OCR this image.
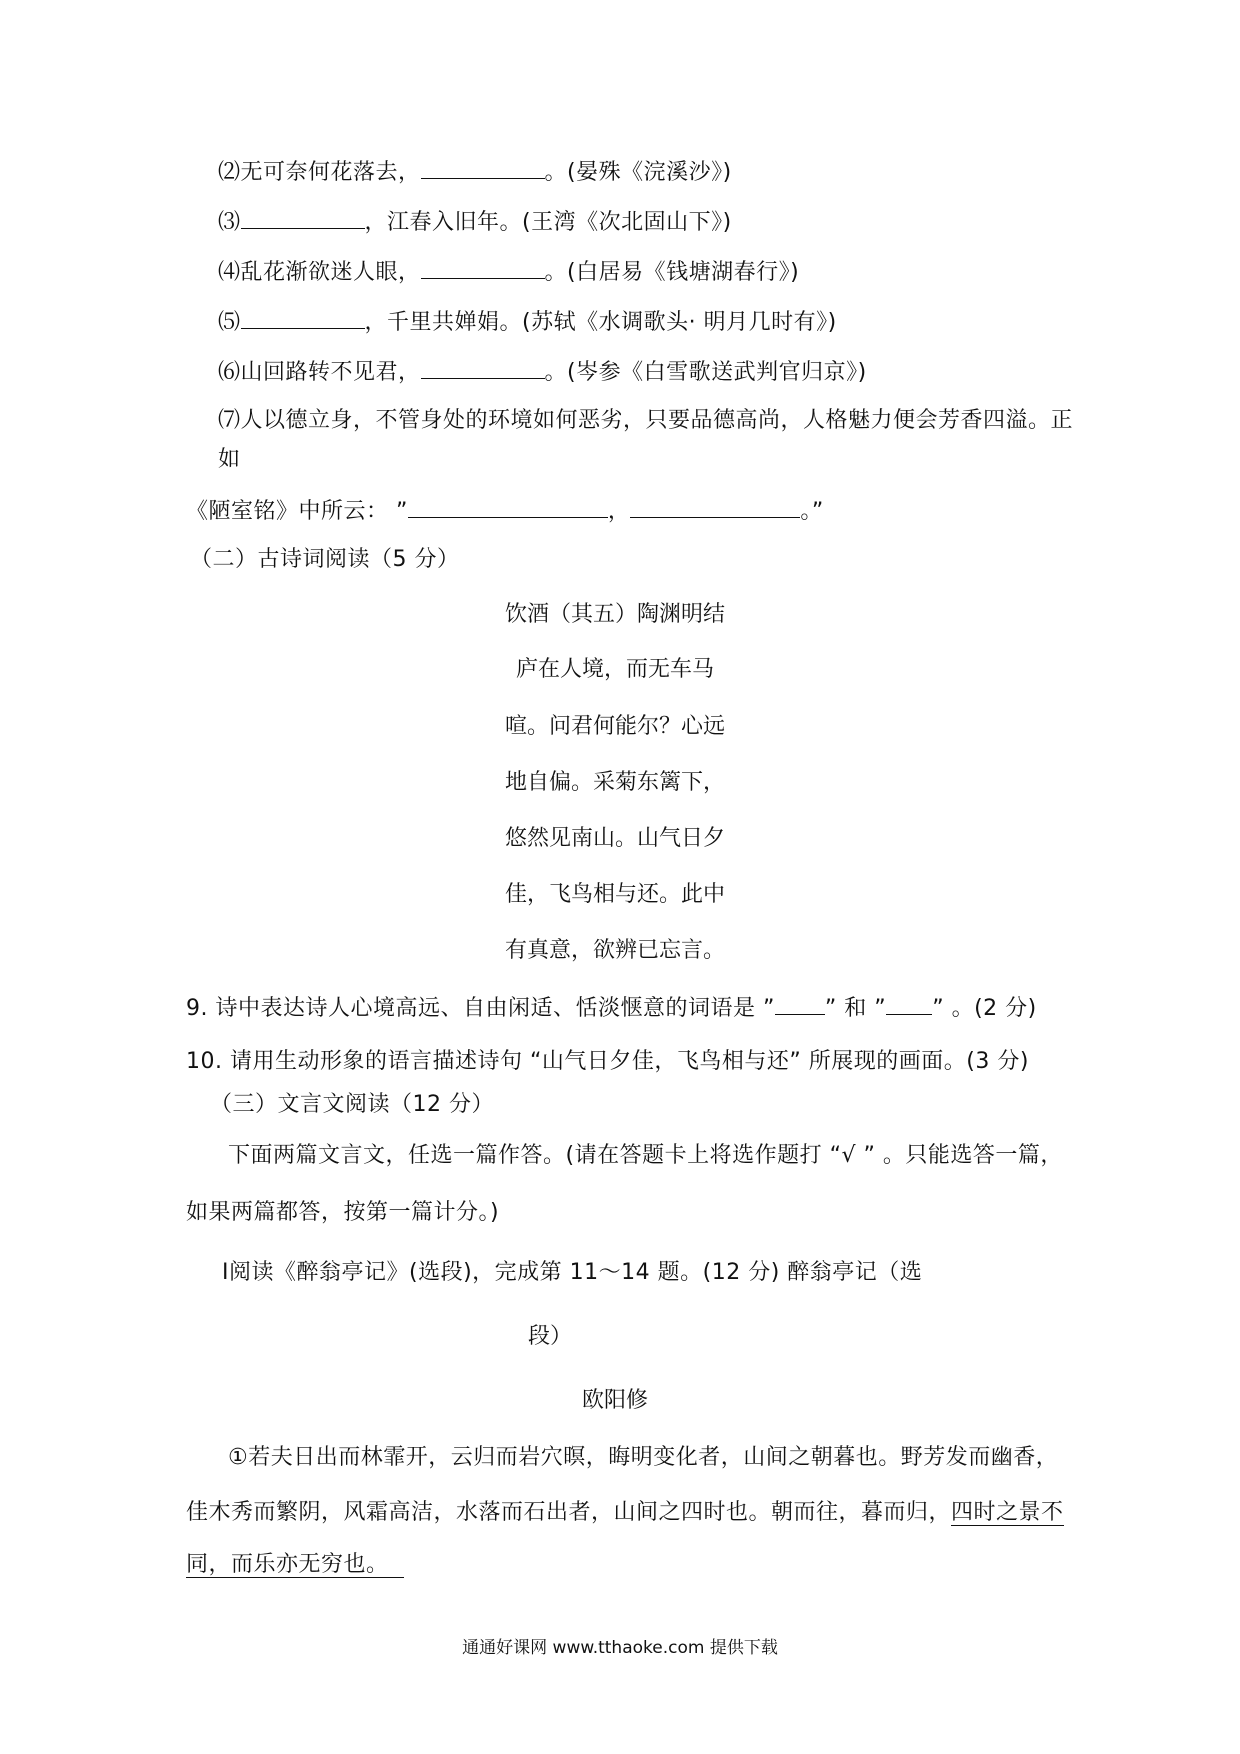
⑵无可奈何花落去，	。(晏殊《浣溪沙》)
⑶	，江春入旧年。(王湾《次北固山下》)
⑷乱花渐欲迷人眼，	。(白居易《钱塘湖春行》)
⑸	，千里共婵娟。(苏轼《水调歌头· 明月几时有》)
⑹山回路转不见君，	。(岑参《白雪歌送武判官归京》)
⑺人以德立身，不管身处的环境如何恶劣，只要品德高尚，人格魅力便会芳香四溢。正
如
《陋室铭》中所云： ”	，	。”
（二）古诗词阅读（5 分）
饮酒（其五）陶渊明结
庐在人境，而无车马
喧。问君何能尔？心远
地自偏。采菊东篱下，
悠然见南山。山气日夕
佳，飞鸟相与还。此中
有真意，欲辨已忘言。
9. 诗中表达诗人心境高远、自由闲适、恬淡惬意的词语是 ” ” 和 ” ” 。(2 分)
10. 请用生动形象的语言描述诗句 “山气日夕佳，飞鸟相与还” 所展现的画面。(3 分)
（三）文言文阅读（12 分）
下面两篇文言文，任选一篇作答。(请在答题卡上将选作题打 “√ ” 。只能选答一篇，
如果两篇都答，按第一篇计分。)
Ⅰ阅读《醉翁亭记》(选段)，完成第 11～14 题。(12 分) 醉翁亭记（选
段）
欧阳修
①若夫日出而林霏开，云归而岩穴暝，晦明变化者，山间之朝暮也。野芳发而幽香，
佳木秀而繁阴，风霜高洁，水落而石出者，山间之四时也。朝而往，暮而归，四时之景不
同，而乐亦无穷也。
通通好课网 www.tthaoke.com 提供下载
